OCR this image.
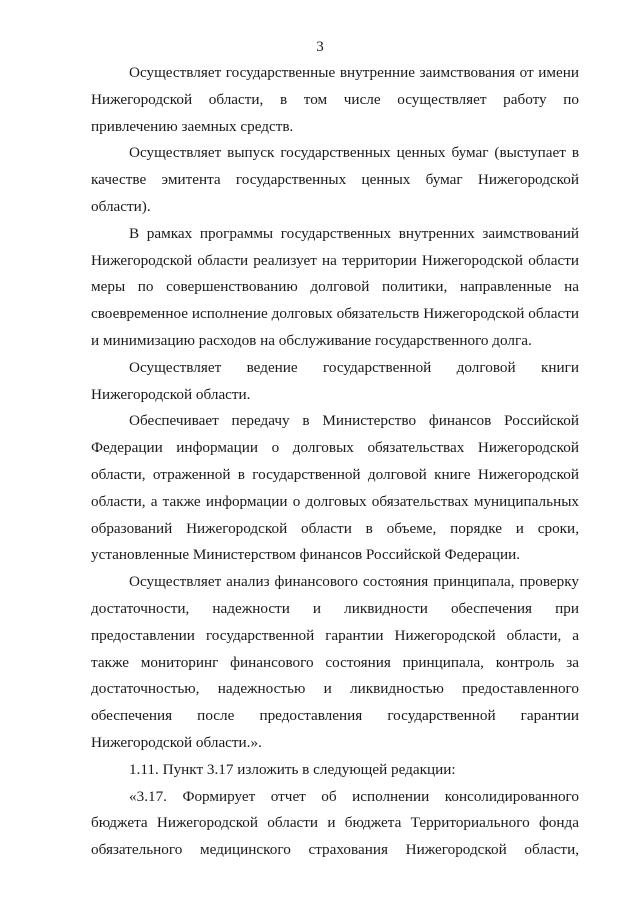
3

Осуществляет государственные внутренние заимствования от имени Нижегородской области, в том числе осуществляет работу по привлечению заемных средств.

Осуществляет выпуск государственных ценных бумаг (выступает в качестве эмитента государственных ценных бумаг Нижегородской области).

В рамках программы государственных внутренних заимствований Нижегородской области реализует на территории Нижегородской области меры по совершенствованию долговой политики, направленные на своевременное исполнение долговых обязательств Нижегородской области и минимизацию расходов на обслуживание государственного долга.

Осуществляет ведение государственной долговой книги Нижегородской области.

Обеспечивает передачу в Министерство финансов Российской Федерации информации о долговых обязательствах Нижегородской области, отраженной в государственной долговой книге Нижегородской области, а также информации о долговых обязательствах муниципальных образований Нижегородской области в объеме, порядке и сроки, установленные Министерством финансов Российской Федерации.

Осуществляет анализ финансового состояния принципала, проверку достаточности, надежности и ликвидности обеспечения при предоставлении государственной гарантии Нижегородской области, а также мониторинг финансового состояния принципала, контроль за достаточностью, надежностью и ликвидностью предоставленного обеспечения после предоставления государственной гарантии Нижегородской области.».

1.11. Пункт 3.17 изложить в следующей редакции:

«3.17. Формирует отчет об исполнении консолидированного бюджета Нижегородской области и бюджета Территориального фонда обязательного медицинского страхования Нижегородской области,
